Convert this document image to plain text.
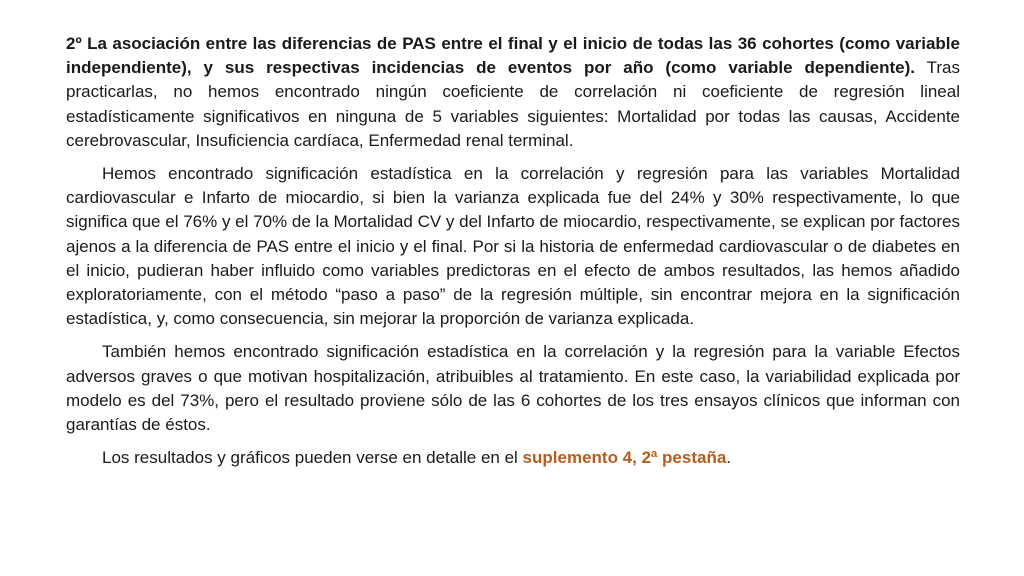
2º La asociación entre las diferencias de PAS entre el final y el inicio de todas las 36 cohortes (como variable independiente), y sus respectivas incidencias de eventos por año (como variable dependiente). Tras practicarlas, no hemos encontrado ningún coeficiente de correlación ni coeficiente de regresión lineal estadísticamente significativos en ninguna de 5 variables siguientes: Mortalidad por todas las causas, Accidente cerebrovascular, Insuficiencia cardíaca, Enfermedad renal terminal.

Hemos encontrado significación estadística en la correlación y regresión para las variables Mortalidad cardiovascular e Infarto de miocardio, si bien la varianza explicada fue del 24% y 30% respectivamente, lo que significa que el 76% y el 70% de la Mortalidad CV y del Infarto de miocardio, respectivamente, se explican por factores ajenos a la diferencia de PAS entre el inicio y el final. Por si la historia de enfermedad cardiovascular o de diabetes en el inicio, pudieran haber influido como variables predictoras en el efecto de ambos resultados, las hemos añadido exploratoriamente, con el método “paso a paso” de la regresión múltiple, sin encontrar mejora en la significación estadística, y, como consecuencia, sin mejorar la proporción de varianza explicada.

También hemos encontrado significación estadística en la correlación y la regresión para la variable Efectos adversos graves o que motivan hospitalización, atribuibles al tratamiento. En este caso, la variabilidad explicada por modelo es del 73%, pero el resultado proviene sólo de las 6 cohortes de los tres ensayos clínicos que informan con garantías de éstos.

Los resultados y gráficos pueden verse en detalle en el suplemento 4, 2ª pestaña.
